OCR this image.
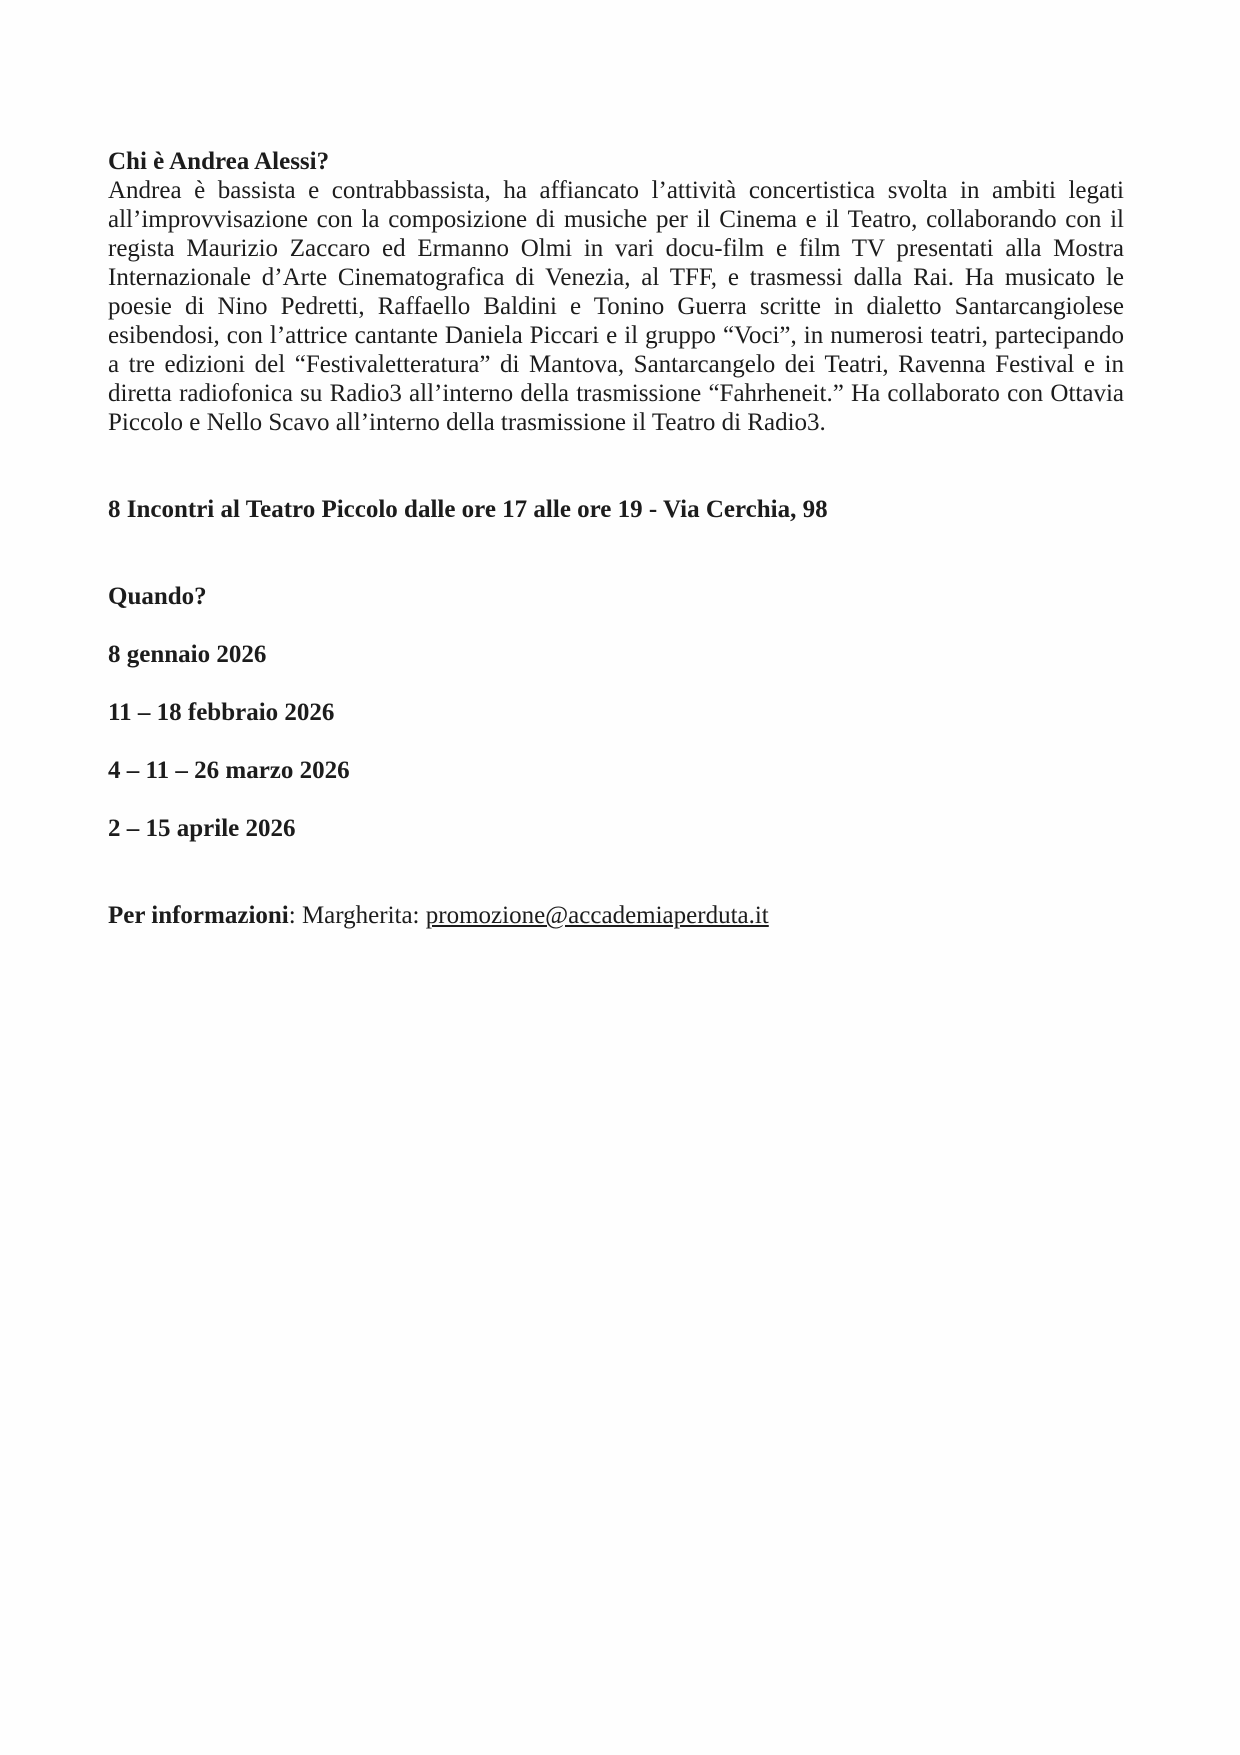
Chi è Andrea Alessi?

Andrea è bassista e contrabbassista, ha affiancato l’attività concertistica svolta in ambiti legati all’improvvisazione con la composizione di musiche per il Cinema e il Teatro, collaborando con il regista Maurizio Zaccaro ed Ermanno Olmi in vari docu-film e film TV presentati alla Mostra Internazionale d’Arte Cinematografica di Venezia, al TFF, e trasmessi dalla Rai. Ha musicato le poesie di Nino Pedretti, Raffaello Baldini e Tonino Guerra scritte in dialetto Santarcangiolese esibendosi, con l’attrice cantante Daniela Piccari e il gruppo “Voci”, in numerosi teatri, partecipando a tre edizioni del “Festivaletteratura” di Mantova, Santarcangelo dei Teatri, Ravenna Festival e in diretta radiofonica su Radio3 all’interno della trasmissione “Fahrheneit.” Ha collaborato con Ottavia Piccolo e Nello Scavo all’interno della trasmissione il Teatro di Radio3.

8 Incontri al Teatro Piccolo dalle ore 17 alle ore 19 - Via Cerchia, 98

Quando?

8 gennaio 2026

11 – 18 febbraio 2026

4 – 11 – 26 marzo 2026

2 – 15 aprile 2026

Per informazioni: Margherita: promozione@accademiaperduta.it
